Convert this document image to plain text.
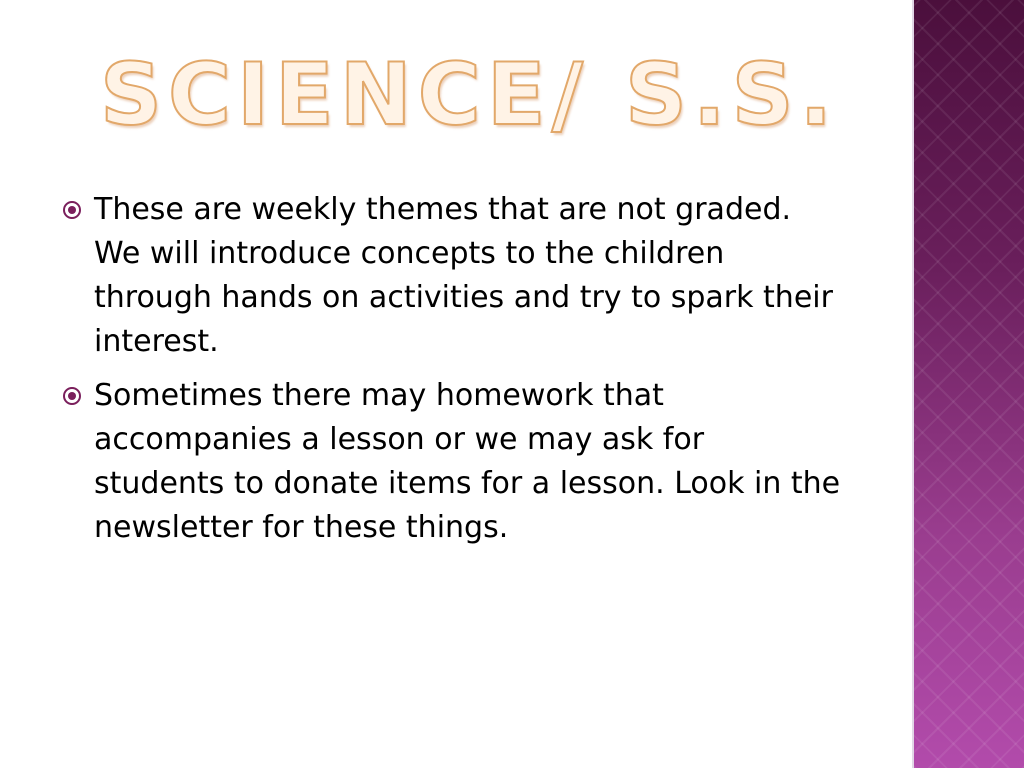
SCIENCE/ S.S.
These are weekly themes that are not graded. We will introduce concepts to the children through hands on activities and try to spark their interest.
Sometimes there may homework that accompanies a lesson or we may ask for students to donate items for a lesson. Look in the newsletter for these things.
